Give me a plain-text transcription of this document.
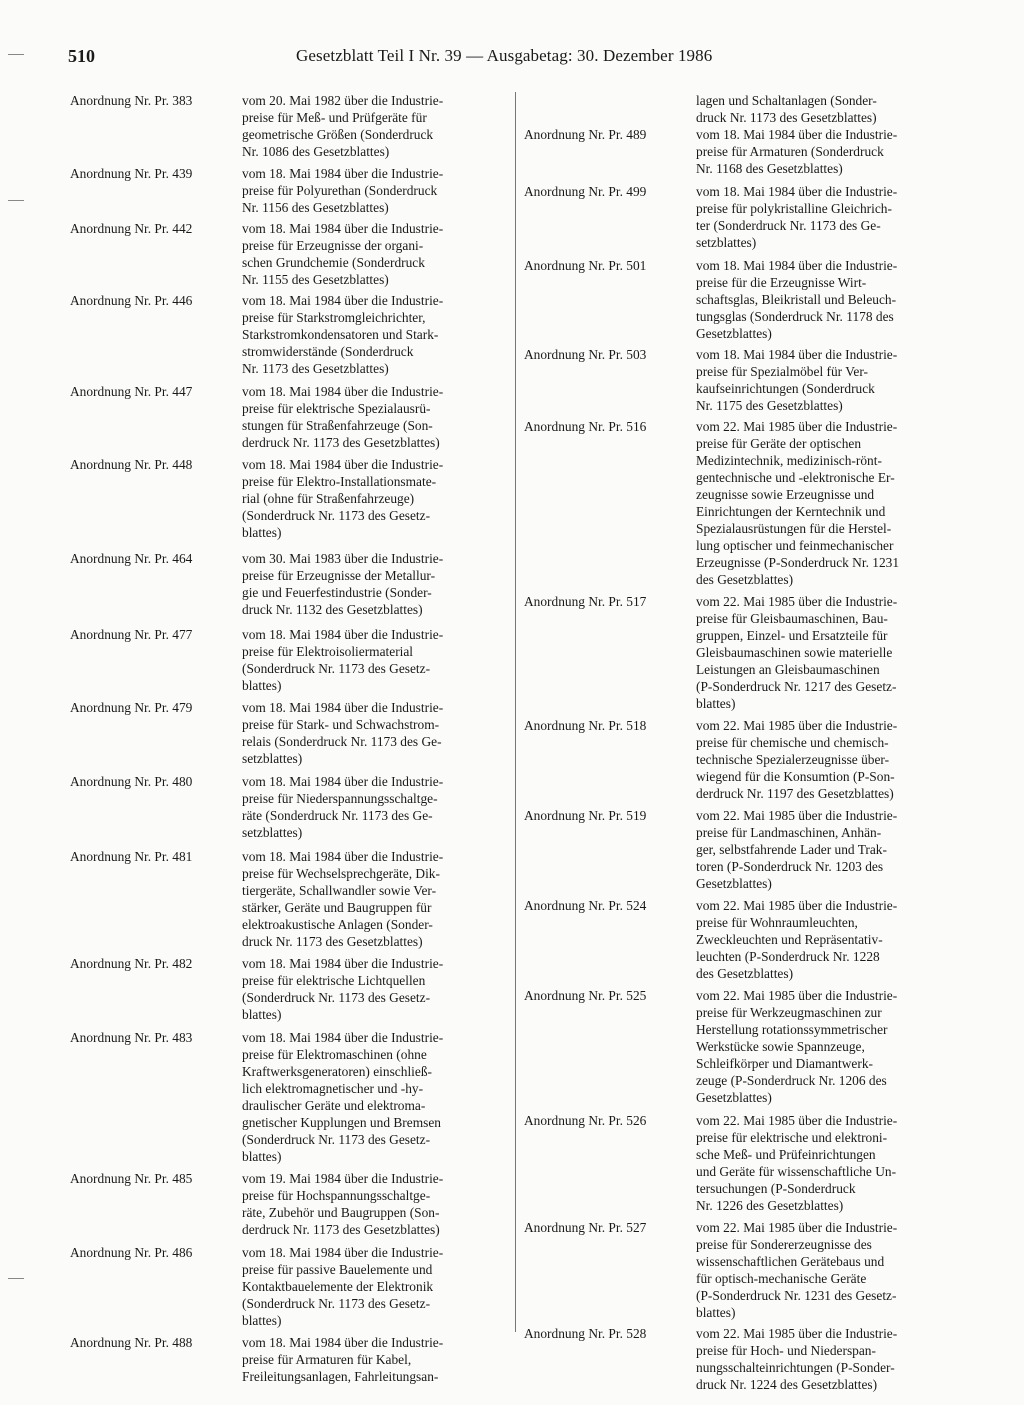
510	Gesetzblatt Teil I Nr. 39 — Ausgabetag: 30. Dezember 1986
Anordnung Nr. Pr. 383	vom 20. Mai 1982 über die Industrie-
preise für Meß- und Prüfgeräte für
geometrische Größen (Sonderdruck
Nr. 1086 des Gesetzblattes)
Anordnung Nr. Pr. 439	vom 18. Mai 1984 über die Industrie-
preise für Polyurethan (Sonderdruck
Nr. 1156 des Gesetzblattes)
Anordnung Nr. Pr. 442	vom 18. Mai 1984 über die Industrie-
preise für Erzeugnisse der organi-
schen Grundchemie (Sonderdruck
Nr. 1155 des Gesetzblattes)
Anordnung Nr. Pr. 446	vom 18. Mai 1984 über die Industrie-
preise für Starkstromgleichrichter,
Starkstromkondensatoren und Stark-
stromwiderstände (Sonderdruck
Nr. 1173 des Gesetzblattes)
Anordnung Nr. Pr. 447	vom 18. Mai 1984 über die Industrie-
preise für elektrische Spezialausrü-
stungen für Straßenfahrzeuge (Son-
derdruck Nr. 1173 des Gesetzblattes)
Anordnung Nr. Pr. 448	vom 18. Mai 1984 über die Industrie-
preise für Elektro-Installationsmate-
rial (ohne für Straßenfahrzeuge)
(Sonderdruck Nr. 1173 des Gesetz-
blattes)
Anordnung Nr. Pr. 464	vom 30. Mai 1983 über die Industrie-
preise für Erzeugnisse der Metallur-
gie und Feuerfestindustrie (Sonder-
druck Nr. 1132 des Gesetzblattes)
Anordnung Nr. Pr. 477	vom 18. Mai 1984 über die Industrie-
preise für Elektroisoliermaterial
(Sonderdruck Nr. 1173 des Gesetz-
blattes)
Anordnung Nr. Pr. 479	vom 18. Mai 1984 über die Industrie-
preise für Stark- und Schwachstrom-
relais (Sonderdruck Nr. 1173 des Ge-
setzblattes)
Anordnung Nr. Pr. 480	vom 18. Mai 1984 über die Industrie-
preise für Niederspannungsschaltge-
räte (Sonderdruck Nr. 1173 des Ge-
setzblattes)
Anordnung Nr. Pr. 481	vom 18. Mai 1984 über die Industrie-
preise für Wechselsprechgeräte, Dik-
tiergeräte, Schallwandler sowie Ver-
stärker, Geräte und Baugruppen für
elektroakustische Anlagen (Sonder-
druck Nr. 1173 des Gesetzblattes)
Anordnung Nr. Pr. 482	vom 18. Mai 1984 über die Industrie-
preise für elektrische Lichtquellen
(Sonderdruck Nr. 1173 des Gesetz-
blattes)
Anordnung Nr. Pr. 483	vom 18. Mai 1984 über die Industrie-
preise für Elektromaschinen (ohne
Kraftwerksgeneratoren) einschließ-
lich elektromagnetischer und -hy-
draulischer Geräte und elektroma-
gnetischer Kupplungen und Bremsen
(Sonderdruck Nr. 1173 des Gesetz-
blattes)
Anordnung Nr. Pr. 485	vom 19. Mai 1984 über die Industrie-
preise für Hochspannungsschaltge-
räte, Zubehör und Baugruppen (Son-
derdruck Nr. 1173 des Gesetzblattes)
Anordnung Nr. Pr. 486	vom 18. Mai 1984 über die Industrie-
preise für passive Bauelemente und
Kontaktbauelemente der Elektronik
(Sonderdruck Nr. 1173 des Gesetz-
blattes)
Anordnung Nr. Pr. 488	vom 18. Mai 1984 über die Industrie-
preise für Armaturen für Kabel,
Freileitungsanlagen, Fahrleitungsan-
lagen und Schaltanlagen (Sonder-
druck Nr. 1173 des Gesetzblattes)
Anordnung Nr. Pr. 489	vom 18. Mai 1984 über die Industrie-
preise für Armaturen (Sonderdruck
Nr. 1168 des Gesetzblattes)
Anordnung Nr. Pr. 499	vom 18. Mai 1984 über die Industrie-
preise für polykristalline Gleichrich-
ter (Sonderdruck Nr. 1173 des Ge-
setzblattes)
Anordnung Nr. Pr. 501	vom 18. Mai 1984 über die Industrie-
preise für die Erzeugnisse Wirt-
schaftsglas, Bleikristall und Beleuch-
tungsglas (Sonderdruck Nr. 1178 des
Gesetzblattes)
Anordnung Nr. Pr. 503	vom 18. Mai 1984 über die Industrie-
preise für Spezialmöbel für Ver-
kaufseinrichtungen (Sonderdruck
Nr. 1175 des Gesetzblattes)
Anordnung Nr. Pr. 516	vom 22. Mai 1985 über die Industrie-
preise für Geräte der optischen
Medizintechnik, medizinisch-rönt-
gentechnische und -elektronische Er-
zeugnisse sowie Erzeugnisse und
Einrichtungen der Kerntechnik und
Spezialausrüstungen für die Herstel-
lung optischer und feinmechanischer
Erzeugnisse (P-Sonderdruck Nr. 1231
des Gesetzblattes)
Anordnung Nr. Pr. 517	vom 22. Mai 1985 über die Industrie-
preise für Gleisbaumaschinen, Bau-
gruppen, Einzel- und Ersatzteile für
Gleisbaumaschinen sowie materielle
Leistungen an Gleisbaumaschinen
(P-Sonderdruck Nr. 1217 des Gesetz-
blattes)
Anordnung Nr. Pr. 518	vom 22. Mai 1985 über die Industrie-
preise für chemische und chemisch-
technische Spezialerzeugnisse über-
wiegend für die Konsumtion (P-Son-
derdruck Nr. 1197 des Gesetzblattes)
Anordnung Nr. Pr. 519	vom 22. Mai 1985 über die Industrie-
preise für Landmaschinen, Anhän-
ger, selbstfahrende Lader und Trak-
toren (P-Sonderdruck Nr. 1203 des
Gesetzblattes)
Anordnung Nr. Pr. 524	vom 22. Mai 1985 über die Industrie-
preise für Wohnraumleuchten,
Zweckleuchten und Repräsentativ-
leuchten (P-Sonderdruck Nr. 1228
des Gesetzblattes)
Anordnung Nr. Pr. 525	vom 22. Mai 1985 über die Industrie-
preise für Werkzeugmaschinen zur
Herstellung rotationssymmetrischer
Werkstücke sowie Spannzeuge,
Schleifkörper und Diamantwerk-
zeuge (P-Sonderdruck Nr. 1206 des
Gesetzblattes)
Anordnung Nr. Pr. 526	vom 22. Mai 1985 über die Industrie-
preise für elektrische und elektroni-
sche Meß- und Prüfeinrichtungen
und Geräte für wissenschaftliche Un-
tersuchungen (P-Sonderdruck
Nr. 1226 des Gesetzblattes)
Anordnung Nr. Pr. 527	vom 22. Mai 1985 über die Industrie-
preise für Sondererzeugnisse des
wissenschaftlichen Gerätebaus und
für optisch-mechanische Geräte
(P-Sonderdruck Nr. 1231 des Gesetz-
blattes)
Anordnung Nr. Pr. 528	vom 22. Mai 1985 über die Industrie-
preise für Hoch- und Niederspan-
nungsschalteinrichtungen (P-Sonder-
druck Nr. 1224 des Gesetzblattes)
